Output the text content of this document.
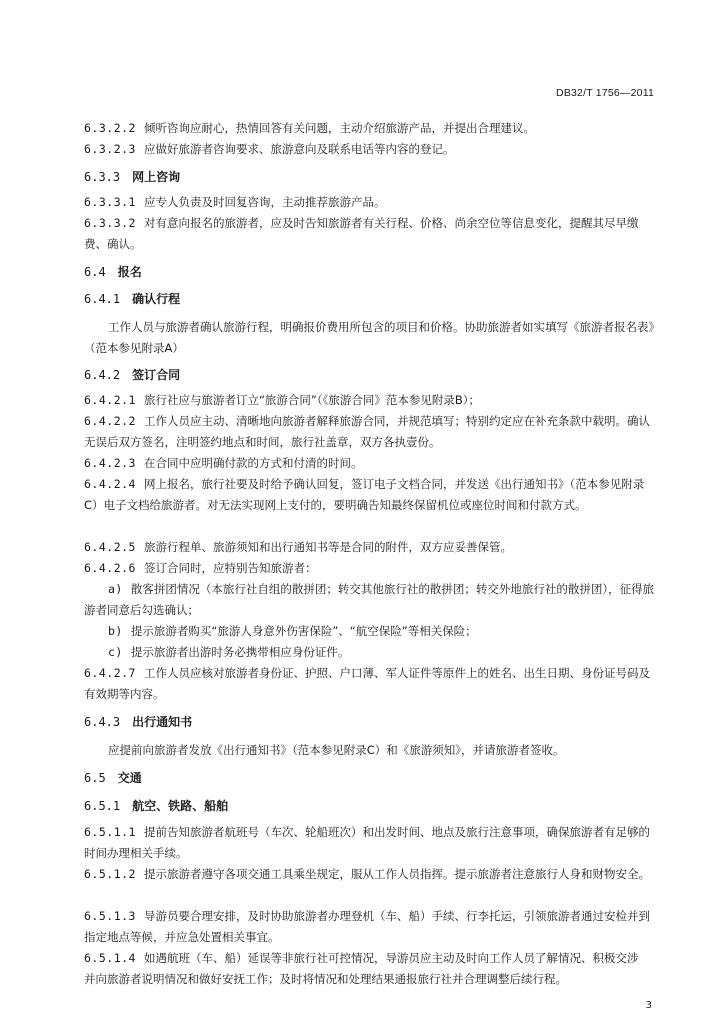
DB32/T 1756—2011

6.3.2.2 倾听咨询应耐心，热情回答有关问题，主动介绍旅游产品，并提出合理建议。

6.3.2.3 应做好旅游者咨询要求、旅游意向及联系电话等内容的登记。

6.3.3 网上咨询

6.3.3.1 应专人负责及时回复咨询，主动推荐旅游产品。

6.3.3.2 对有意向报名的旅游者，应及时告知旅游者有关行程、价格、尚余空位等信息变化，提醒其尽早缴费、确认。

6.4 报名

6.4.1 确认行程

工作人员与旅游者确认旅游行程，明确报价费用所包含的项目和价格。协助旅游者如实填写《旅游者报名表》（范本参见附录A）

6.4.2 签订合同

6.4.2.1 旅行社应与旅游者订立“旅游合同”（《旅游合同》范本参见附录B）；

6.4.2.2 工作人员应主动、清晰地向旅游者解释旅游合同，并规范填写；特别约定应在补充条款中载明。确认无误后双方签名，注明签约地点和时间，旅行社盖章，双方各执壹份。

6.4.2.3 在合同中应明确付款的方式和付清的时间。

6.4.2.4 网上报名，旅行社要及时给予确认回复，签订电子文档合同，并发送《出行通知书》（范本参见附录C）电子文档给旅游者。对无法实现网上支付的，要明确告知最终保留机位或座位时间和付款方式。

6.4.2.5 旅游行程单、旅游须知和出行通知书等是合同的附件，双方应妥善保管。

6.4.2.6 签订合同时，应特别告知旅游者：

a) 散客拼团情况（本旅行社自组的散拼团；转交其他旅行社的散拼团；转交外地旅行社的散拼团），征得旅游者同意后勾选确认；

b) 提示旅游者购买“旅游人身意外伤害保险”、“航空保险”等相关保险；

c) 提示旅游者出游时务必携带相应身份证件。

6.4.2.7 工作人员应核对旅游者身份证、护照、户口薄、军人证件等原件上的姓名、出生日期、身份证号码及有效期等内容。

6.4.3 出行通知书

应提前向旅游者发放《出行通知书》（范本参见附录C）和《旅游须知》，并请旅游者签收。

6.5 交通

6.5.1 航空、铁路、船舶

6.5.1.1 提前告知旅游者航班号（车次、轮船班次）和出发时间、地点及旅行注意事项，确保旅游者有足够的时间办理相关手续。

6.5.1.2 提示旅游者遵守各项交通工具乘坐规定，服从工作人员指挥。提示旅游者注意旅行人身和财物安全。

6.5.1.3 导游员要合理安排，及时协助旅游者办理登机（车、船）手续、行李托运，引领旅游者通过安检并到指定地点等候，并应急处置相关事宜。

6.5.1.4 如遇航班（车、船）延误等非旅行社可控情况，导游员应主动及时向工作人员了解情况、积极交涉并向旅游者说明情况和做好安抚工作；及时将情况和处理结果通报旅行社并合理调整后续行程。

3
